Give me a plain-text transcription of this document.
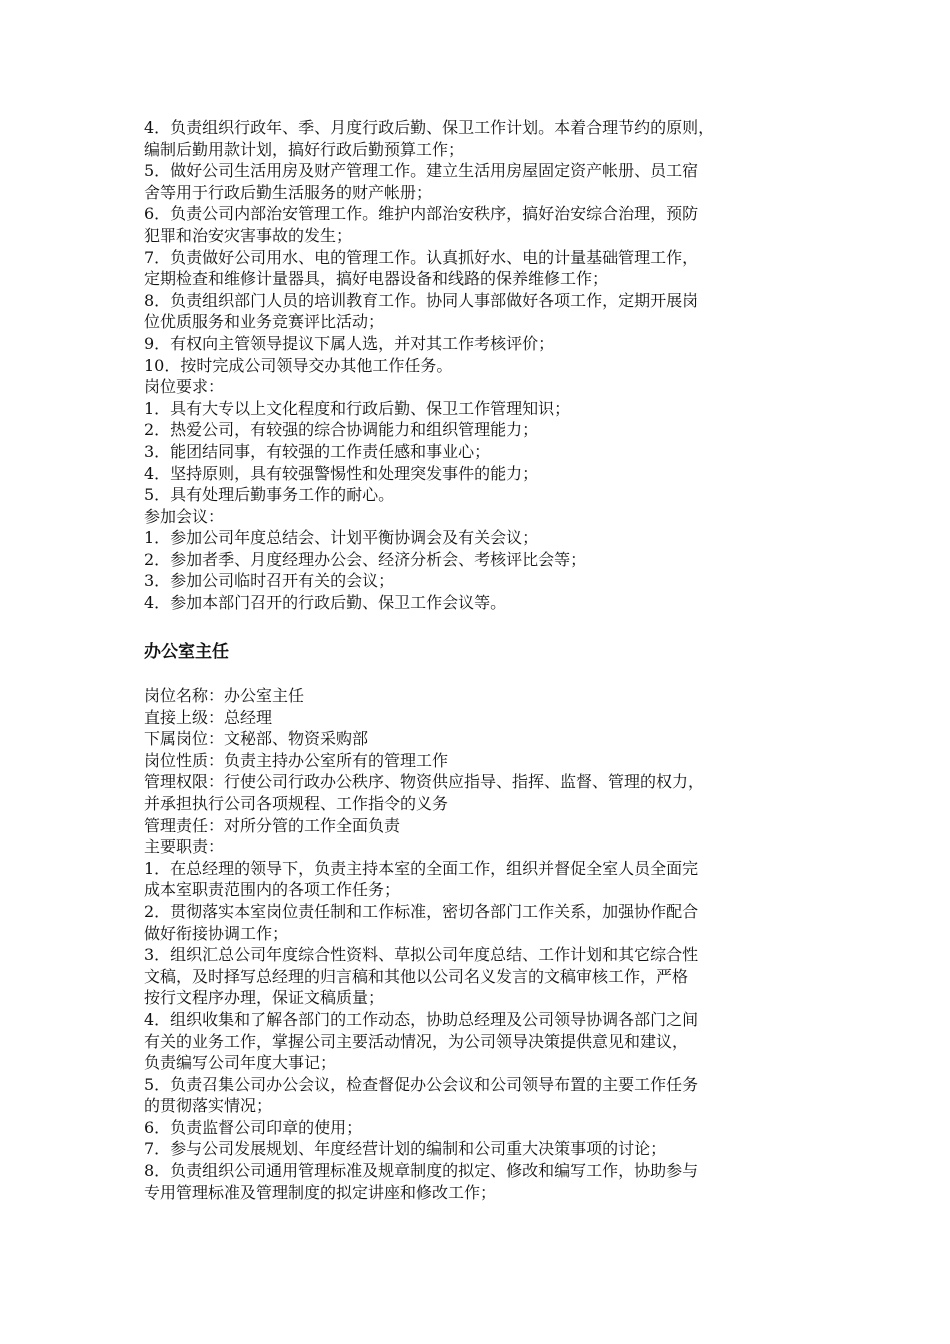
4．负责组织行政年、季、月度行政后勤、保卫工作计划。本着合理节约的原则，
编制后勤用款计划，搞好行政后勤预算工作；
5．做好公司生活用房及财产管理工作。建立生活用房屋固定资产帐册、员工宿
舍等用于行政后勤生活服务的财产帐册；
6．负责公司内部治安管理工作。维护内部治安秩序，搞好治安综合治理，预防
犯罪和治安灾害事故的发生；
7．负责做好公司用水、电的管理工作。认真抓好水、电的计量基础管理工作，
定期检查和维修计量器具，搞好电器设备和线路的保养维修工作；
8．负责组织部门人员的培训教育工作。协同人事部做好各项工作，定期开展岗
位优质服务和业务竞赛评比活动；
9．有权向主管领导提议下属人选，并对其工作考核评价；
10．按时完成公司领导交办其他工作任务。
岗位要求：
1．具有大专以上文化程度和行政后勤、保卫工作管理知识；
2．热爱公司，有较强的综合协调能力和组织管理能力；
3．能团结同事，有较强的工作责任感和事业心；
4．坚持原则，具有较强警惕性和处理突发事件的能力；
5．具有处理后勤事务工作的耐心。
参加会议：
1．参加公司年度总结会、计划平衡协调会及有关会议；
2．参加者季、月度经理办公会、经济分析会、考核评比会等；
3．参加公司临时召开有关的会议；
4．参加本部门召开的行政后勤、保卫工作会议等。
办公室主任
岗位名称：办公室主任
直接上级：总经理
下属岗位：文秘部、物资采购部
岗位性质：负责主持办公室所有的管理工作
管理权限：行使公司行政办公秩序、物资供应指导、指挥、监督、管理的权力，
并承担执行公司各项规程、工作指令的义务
管理责任：对所分管的工作全面负责
主要职责：
1．在总经理的领导下，负责主持本室的全面工作，组织并督促全室人员全面完
成本室职责范围内的各项工作任务；
2．贯彻落实本室岗位责任制和工作标准，密切各部门工作关系，加强协作配合
做好衔接协调工作；
3．组织汇总公司年度综合性资料、草拟公司年度总结、工作计划和其它综合性
文稿，及时择写总经理的归言稿和其他以公司名义发言的文稿审核工作，严格
按行文程序办理，保证文稿质量；
4．组织收集和了解各部门的工作动态，协助总经理及公司领导协调各部门之间
有关的业务工作，掌握公司主要活动情况，为公司领导决策提供意见和建议，
负责编写公司年度大事记；
5．负责召集公司办公会议，检查督促办公会议和公司领导布置的主要工作任务
的贯彻落实情况；
6．负责监督公司印章的使用；
7．参与公司发展规划、年度经营计划的编制和公司重大决策事项的讨论；
8．负责组织公司通用管理标准及规章制度的拟定、修改和编写工作，协助参与
专用管理标准及管理制度的拟定讲座和修改工作；
